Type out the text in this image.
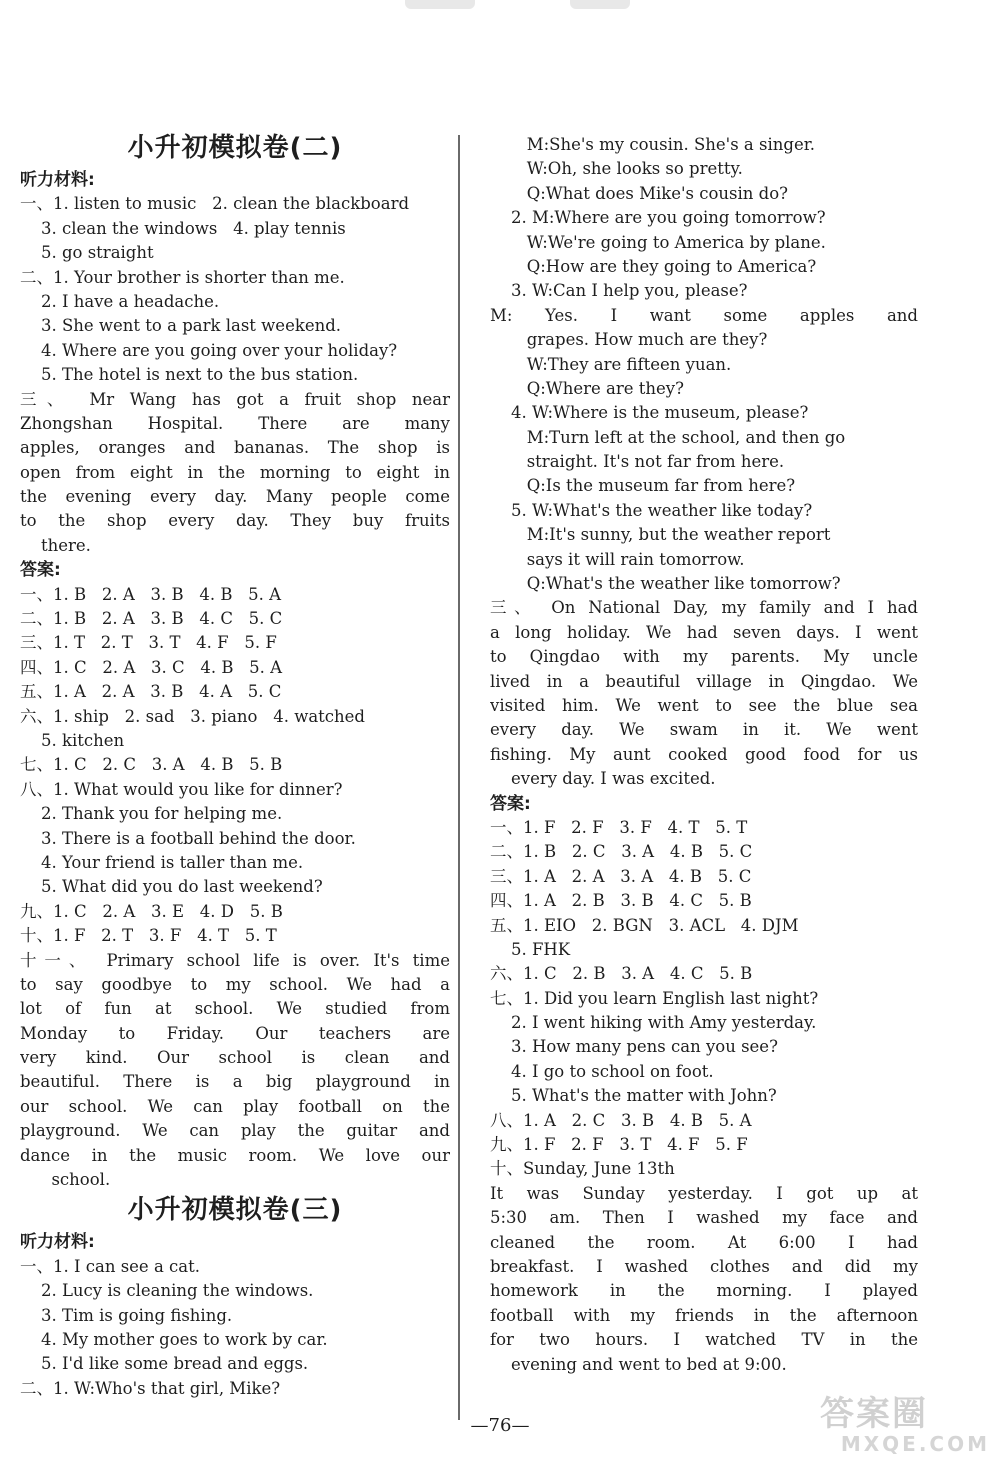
小升初模拟卷(二)
听力材料:
一、1. listen to music   2. clean the blackboard
3. clean the windows   4. play tennis
5. go straight
二、1. Your brother is shorter than me.
2. I have a headache.
3. She went to a park last weekend.
4. Where are you going over your holiday?
5. The hotel is next to the bus station.
三、 Mr Wang has got a fruit shop near
Zhongshan Hospital. There are many
apples, oranges and bananas. The shop is
open from eight in the morning to eight in
the evening every day. Many people come
to the shop every day. They buy fruits
there.
答案:
一、1. B   2. A   3. B   4. B   5. A
二、1. B   2. A   3. B   4. C   5. C
三、1. T   2. T   3. T   4. F   5. F
四、1. C   2. A   3. C   4. B   5. A
五、1. A   2. A   3. B   4. A   5. C
六、1. ship   2. sad   3. piano   4. watched
5. kitchen
七、1. C   2. C   3. A   4. B   5. B
八、1. What would you like for dinner?
2. Thank you for helping me.
3. There is a football behind the door.
4. Your friend is taller than me.
5. What did you do last weekend?
九、1. C   2. A   3. E   4. D   5. B
十、1. F   2. T   3. F   4. T   5. T
十一、 Primary school life is over. It's time
to say goodbye to my school. We had a
lot of fun at school. We studied from
Monday to Friday. Our teachers are
very kind. Our school is clean and
beautiful. There is a big playground in
our school. We can play football on the
playground. We can play the guitar and
dance in the music room. We love our
school.
小升初模拟卷(三)
听力材料:
一、1. I can see a cat.
2. Lucy is cleaning the windows.
3. Tim is going fishing.
4. My mother goes to work by car.
5. I'd like some bread and eggs.
二、1. W:Who's that girl, Mike?
M:She's my cousin. She's a singer.
W:Oh, she looks so pretty.
Q:What does Mike's cousin do?
2. M:Where are you going tomorrow?
W:We're going to America by plane.
Q:How are they going to America?
3. W:Can I help you, please?
M: Yes. I want some apples and
grapes. How much are they?
W:They are fifteen yuan.
Q:Where are they?
4. W:Where is the museum, please?
M:Turn left at the school, and then go
straight. It's not far from here.
Q:Is the museum far from here?
5. W:What's the weather like today?
M:It's sunny, but the weather report
says it will rain tomorrow.
Q:What's the weather like tomorrow?
三、 On National Day, my family and I had
a long holiday. We had seven days. I went
to Qingdao with my parents. My uncle
lived in a beautiful village in Qingdao. We
visited him. We went to see the blue sea
every day. We swam in it. We went
fishing. My aunt cooked good food for us
every day. I was excited.
答案:
一、1. F   2. F   3. F   4. T   5. T
二、1. B   2. C   3. A   4. B   5. C
三、1. A   2. A   3. A   4. B   5. C
四、1. A   2. B   3. B   4. C   5. B
五、1. EIO   2. BGN   3. ACL   4. DJM
5. FHK
六、1. C   2. B   3. A   4. C   5. B
七、1. Did you learn English last night?
2. I went hiking with Amy yesterday.
3. How many pens can you see?
4. I go to school on foot.
5. What's the matter with John?
八、1. A   2. C   3. B   4. B   5. A
九、1. F   2. F   3. T   4. F   5. F
十、Sunday, June 13th
It was Sunday yesterday. I got up at
5:30 am. Then I washed my face and
cleaned the room. At 6:00 I had
breakfast. I washed clothes and did my
homework in the morning. I played
football with my friends in the afternoon
for two hours. I watched TV in the
evening and went to bed at 9:00.
—76—	答案圈
MXQE.COM
